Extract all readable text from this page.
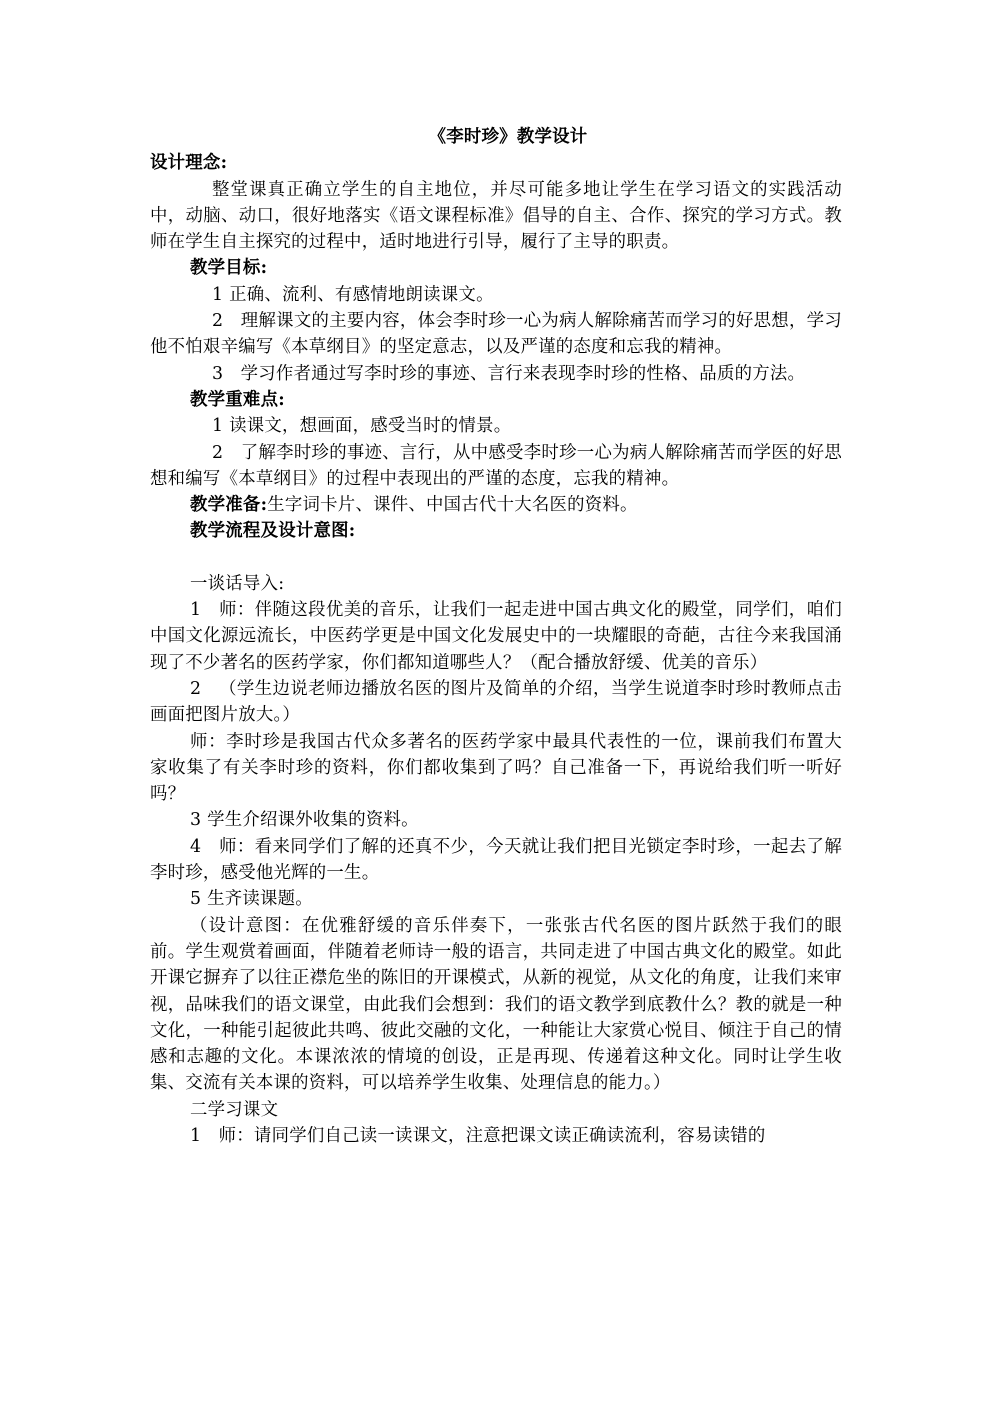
《李时珍》教学设计

设计理念:

整堂课真正确立学生的自主地位，并尽可能多地让学生在学习语文的实践活动中，动脑、动口，很好地落实《语文课程标准》倡导的自主、合作、探究的学习方式。教师在学生自主探究的过程中，适时地进行引导，履行了主导的职责。

教学目标:

1 正确、流利、有感情地朗读课文。

2   理解课文的主要内容，体会李时珍一心为病人解除痛苦而学习的好思想，学习他不怕艰辛编写《本草纲目》的坚定意志，以及严谨的态度和忘我的精神。

3   学习作者通过写李时珍的事迹、言行来表现李时珍的性格、品质的方法。

教学重难点:

1 读课文，想画面，感受当时的情景。

2   了解李时珍的事迹、言行，从中感受李时珍一心为病人解除痛苦而学医的好思想和编写《本草纲目》的过程中表现出的严谨的态度，忘我的精神。

教学准备:生字词卡片、课件、中国古代十大名医的资料。

教学流程及设计意图:

一谈话导入:

1   师：伴随这段优美的音乐，让我们一起走进中国古典文化的殿堂，同学们，咱们中国文化源远流长，中医药学更是中国文化发展史中的一块耀眼的奇葩，古往今来我国涌现了不少著名的医药学家，你们都知道哪些人？（配合播放舒缓、优美的音乐）

2   （学生边说老师边播放名医的图片及简单的介绍，当学生说道李时珍时教师点击画面把图片放大。）

师：李时珍是我国古代众多著名的医药学家中最具代表性的一位，课前我们布置大家收集了有关李时珍的资料，你们都收集到了吗？自己准备一下，再说给我们听一听好吗？

3 学生介绍课外收集的资料。

4   师：看来同学们了解的还真不少，今天就让我们把目光锁定李时珍，一起去了解李时珍，感受他光辉的一生。

5 生齐读课题。

（设计意图：在优雅舒缓的音乐伴奏下，一张张古代名医的图片跃然于我们的眼前。学生观赏着画面，伴随着老师诗一般的语言，共同走进了中国古典文化的殿堂。如此开课它摒弃了以往正襟危坐的陈旧的开课模式，从新的视觉，从文化的角度，让我们来审视，品味我们的语文课堂，由此我们会想到：我们的语文教学到底教什么？教的就是一种文化，一种能引起彼此共鸣、彼此交融的文化，一种能让大家赏心悦目、倾注于自己的情感和志趣的文化。本课浓浓的情境的创设，正是再现、传递着这种文化。同时让学生收集、交流有关本课的资料，可以培养学生收集、处理信息的能力。）

二学习课文

1   师：请同学们自己读一读课文，注意把课文读正确读流利，容易读错的
